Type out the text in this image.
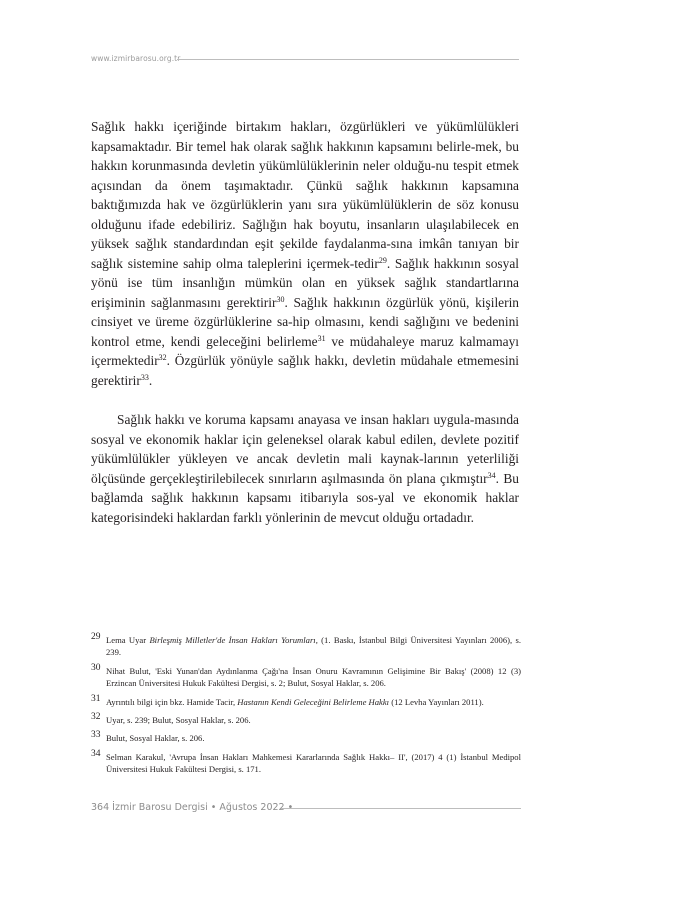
www.izmirbarosu.org.tr

Sağlık hakkı içeriğinde birtakım hakları, özgürlükleri ve yükümlülükleri kapsamaktadır. Bir temel hak olarak sağlık hakkının kapsamını belirle-mek, bu hakkın korunmasında devletin yükümlülüklerinin neler olduğu-nu tespit etmek açısından da önem taşımaktadır. Çünkü sağlık hakkının kapsamına baktığımızda hak ve özgürlüklerin yanı sıra yükümlülüklerin de söz konusu olduğunu ifade edebiliriz. Sağlığın hak boyutu, insanların ulaşılabilecek en yüksek sağlık standardından eşit şekilde faydalanma-sına imkân tanıyan bir sağlık sistemine sahip olma taleplerini içermek-tedir$^{29}$. Sağlık hakkının sosyal yönü ise tüm insanlığın mümkün olan en yüksek sağlık standartlarına erişiminin sağlanmasını gerektirir$^{30}$. Sağlık hakkının özgürlük yönü, kişilerin cinsiyet ve üreme özgürlüklerine sa-hip olmasını, kendi sağlığını ve bedenini kontrol etme, kendi geleceğini belirleme$^{31}$ ve müdahaleye maruz kalmamayı içermektedir$^{32}$. Özgürlük yönüyle sağlık hakkı, devletin müdahale etmemesini gerektirir$^{33}$.

Sağlık hakkı ve koruma kapsamı anayasa ve insan hakları uygula-masında sosyal ve ekonomik haklar için geleneksel olarak kabul edilen, devlete pozitif yükümlülükler yükleyen ve ancak devletin mali kaynak-larının yeterliliği ölçüsünde gerçekleştirilebilecek sınırların aşılmasında ön plana çıkmıştır$^{34}$. Bu bağlamda sağlık hakkının kapsamı itibarıyla sos-yal ve ekonomik haklar kategorisindeki haklardan farklı yönlerinin de mevcut olduğu ortadadır.

29 Lema Uyar Birleşmiş Milletler'de İnsan Hakları Yorumları, (1. Baskı, İstanbul Bilgi Üniversitesi Yayınları 2006), s. 239.
30 Nihat Bulut, 'Eski Yunan'dan Aydınlanma Çağı'na İnsan Onuru Kavramının Gelişimine Bir Bakış' (2008) 12 (3) Erzincan Üniversitesi Hukuk Fakültesi Dergisi, s. 2; Bulut, Sosyal Haklar, s. 206.
31 Ayrıntılı bilgi için bkz. Hamide Tacir, Hastanın Kendi Geleceğini Belirleme Hakkı (12 Levha Yayınları 2011).
32 Uyar, s. 239; Bulut, Sosyal Haklar, s. 206.
33 Bulut, Sosyal Haklar, s. 206.
34 Selman Karakul, 'Avrupa İnsan Hakları Mahkemesi Kararlarında Sağlık Hakkı– II', (2017) 4 (1) İstanbul Medipol Üniversitesi Hukuk Fakültesi Dergisi, s. 171.
364 İzmir Barosu Dergisi • Ağustos 2022 •
